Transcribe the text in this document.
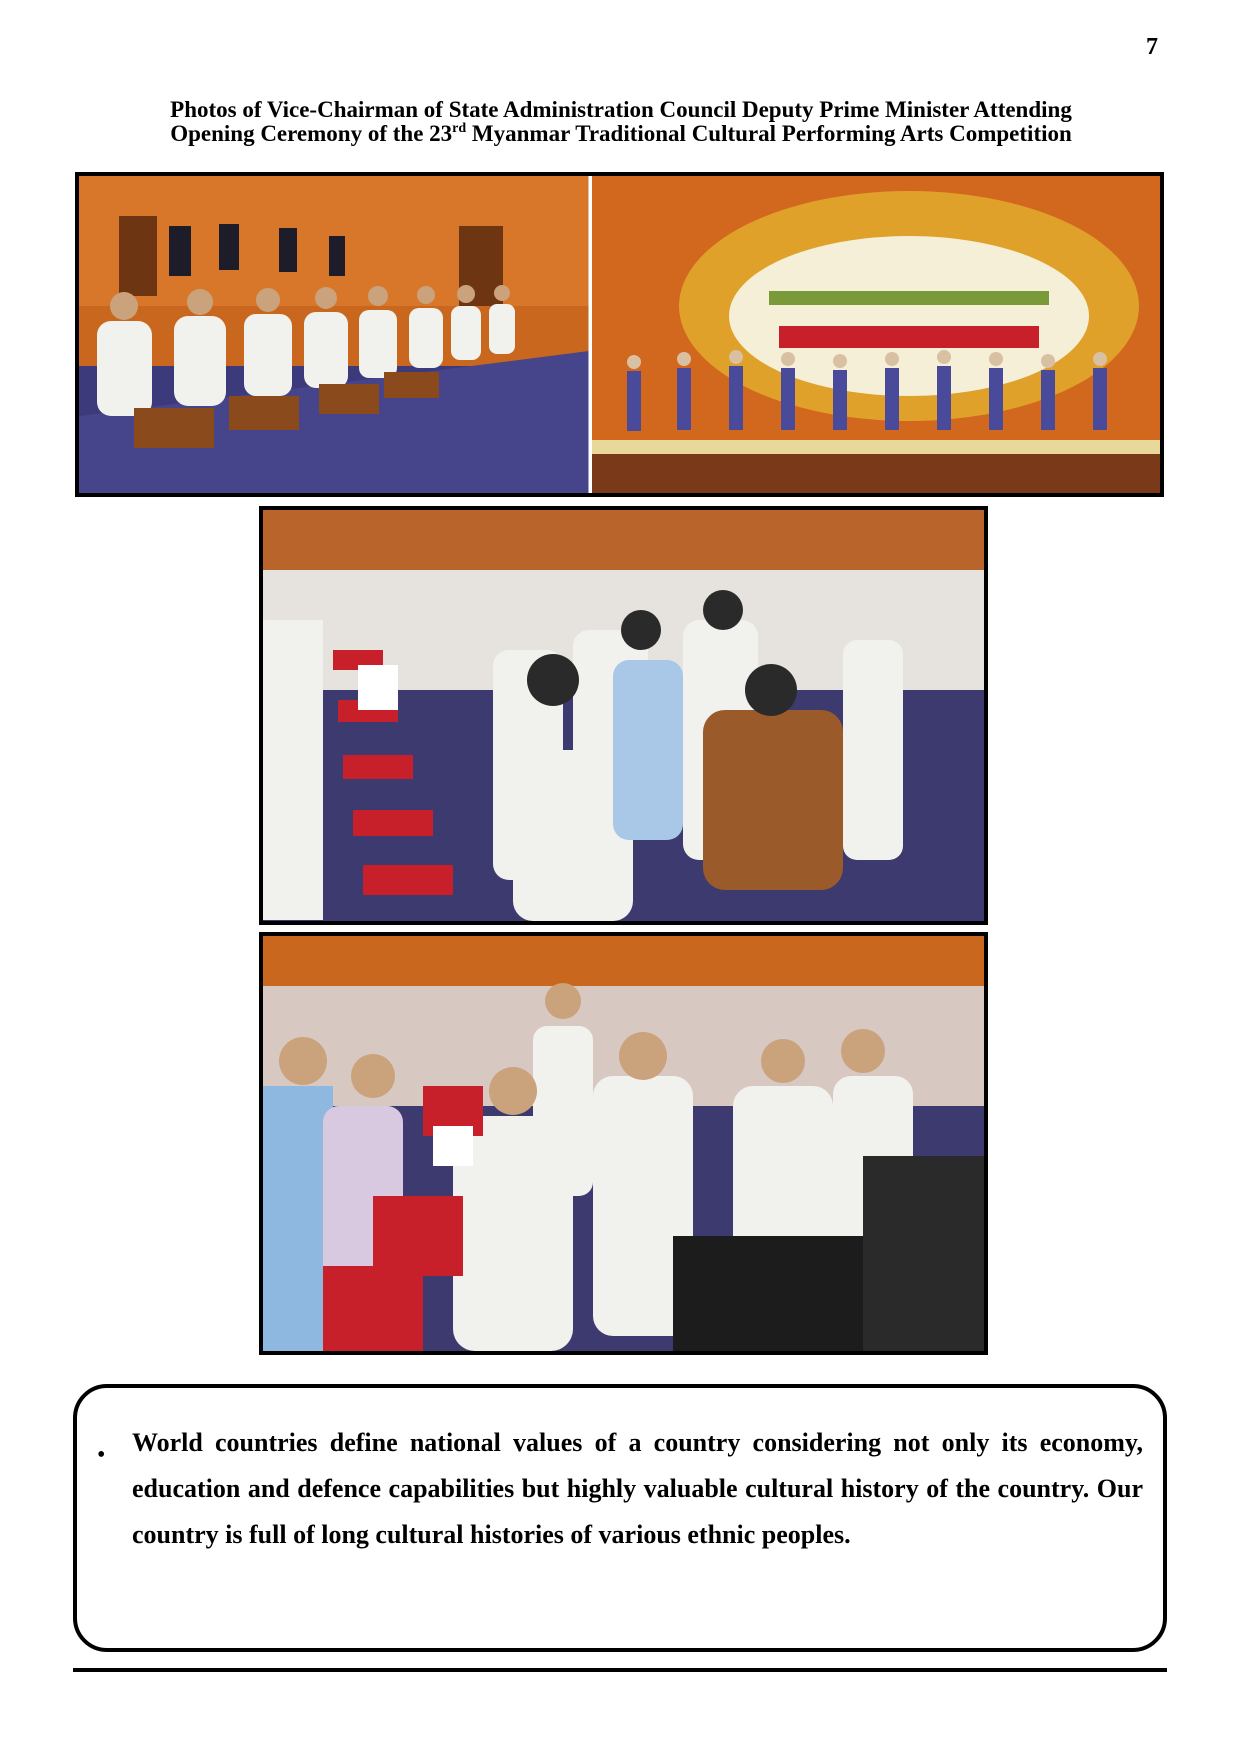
7
Photos of Vice-Chairman of State Administration Council Deputy Prime Minister Attending
Opening Ceremony of the 23rd Myanmar Traditional Cultural Performing Arts Competition
• World countries define national values of a country considering not only its economy, education and defence capabilities but highly valuable cultural history of the country. Our country is full of long cultural histories of various ethnic peoples.
